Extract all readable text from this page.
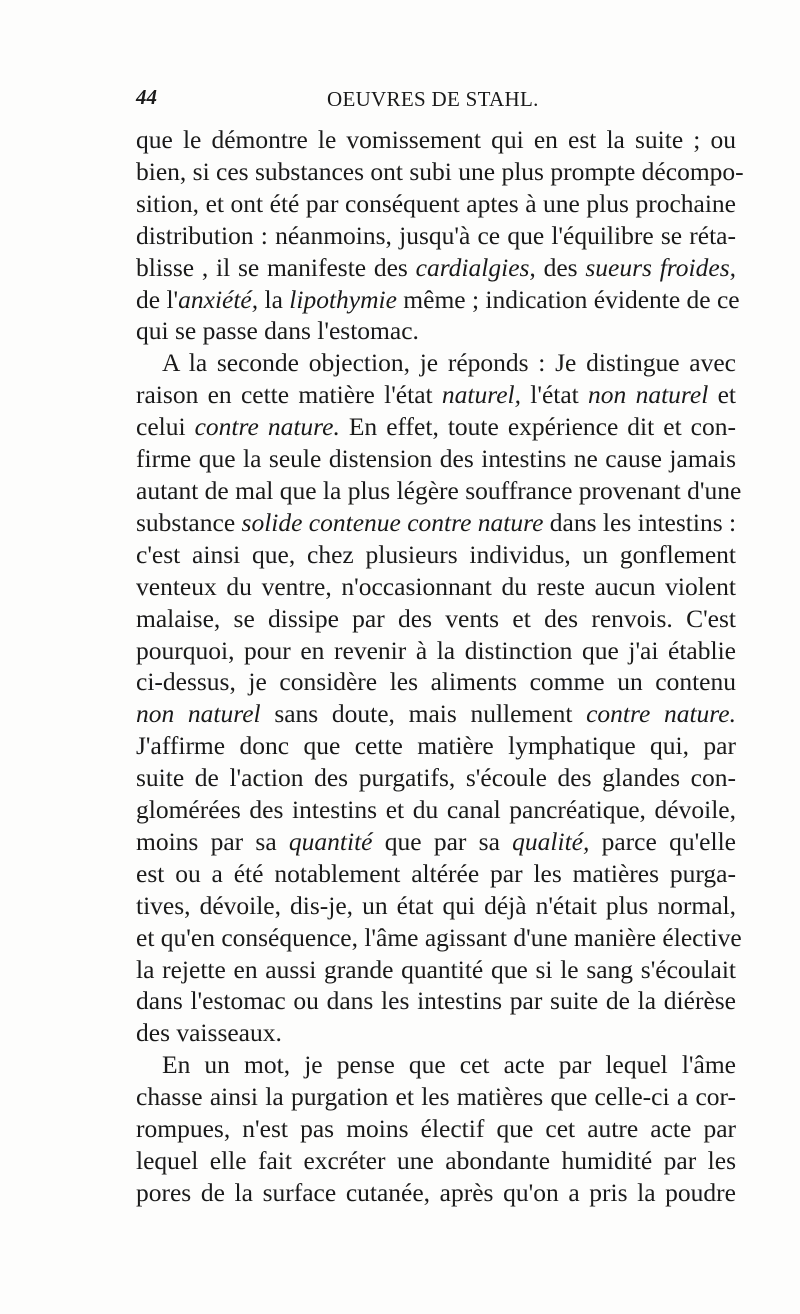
44	OEUVRES DE STAHL.
que le démontre le vomissement qui en est la suite ; ou
bien, si ces substances ont subi une plus prompte décompo-
sition, et ont été par conséquent aptes à une plus prochaine
distribution : néanmoins, jusqu'à ce que l'équilibre se réta-
blisse , il se manifeste des cardialgies, des sueurs froides,
de l'anxiété, la lipothymie même ; indication évidente de ce
qui se passe dans l'estomac.
A la seconde objection, je réponds : Je distingue avec
raison en cette matière l'état naturel, l'état non naturel et
celui contre nature. En effet, toute expérience dit et con-
firme que la seule distension des intestins ne cause jamais
autant de mal que la plus légère souffrance provenant d'une
substance solide contenue contre nature dans les intestins :
c'est ainsi que, chez plusieurs individus, un gonflement
venteux du ventre, n'occasionnant du reste aucun violent
malaise, se dissipe par des vents et des renvois. C'est
pourquoi, pour en revenir à la distinction que j'ai établie
ci-dessus, je considère les aliments comme un contenu
non naturel sans doute, mais nullement contre nature.
J'affirme donc que cette matière lymphatique qui, par
suite de l'action des purgatifs, s'écoule des glandes con-
glomérées des intestins et du canal pancréatique, dévoile,
moins par sa quantité que par sa qualité, parce qu'elle
est ou a été notablement altérée par les matières purga-
tives, dévoile, dis-je, un état qui déjà n'était plus normal,
et qu'en conséquence, l'âme agissant d'une manière élective
la rejette en aussi grande quantité que si le sang s'écoulait
dans l'estomac ou dans les intestins par suite de la diérèse
des vaisseaux.
En un mot, je pense que cet acte par lequel l'âme
chasse ainsi la purgation et les matières que celle-ci a cor-
rompues, n'est pas moins électif que cet autre acte par
lequel elle fait excréter une abondante humidité par les
pores de la surface cutanée, après qu'on a pris la poudre
